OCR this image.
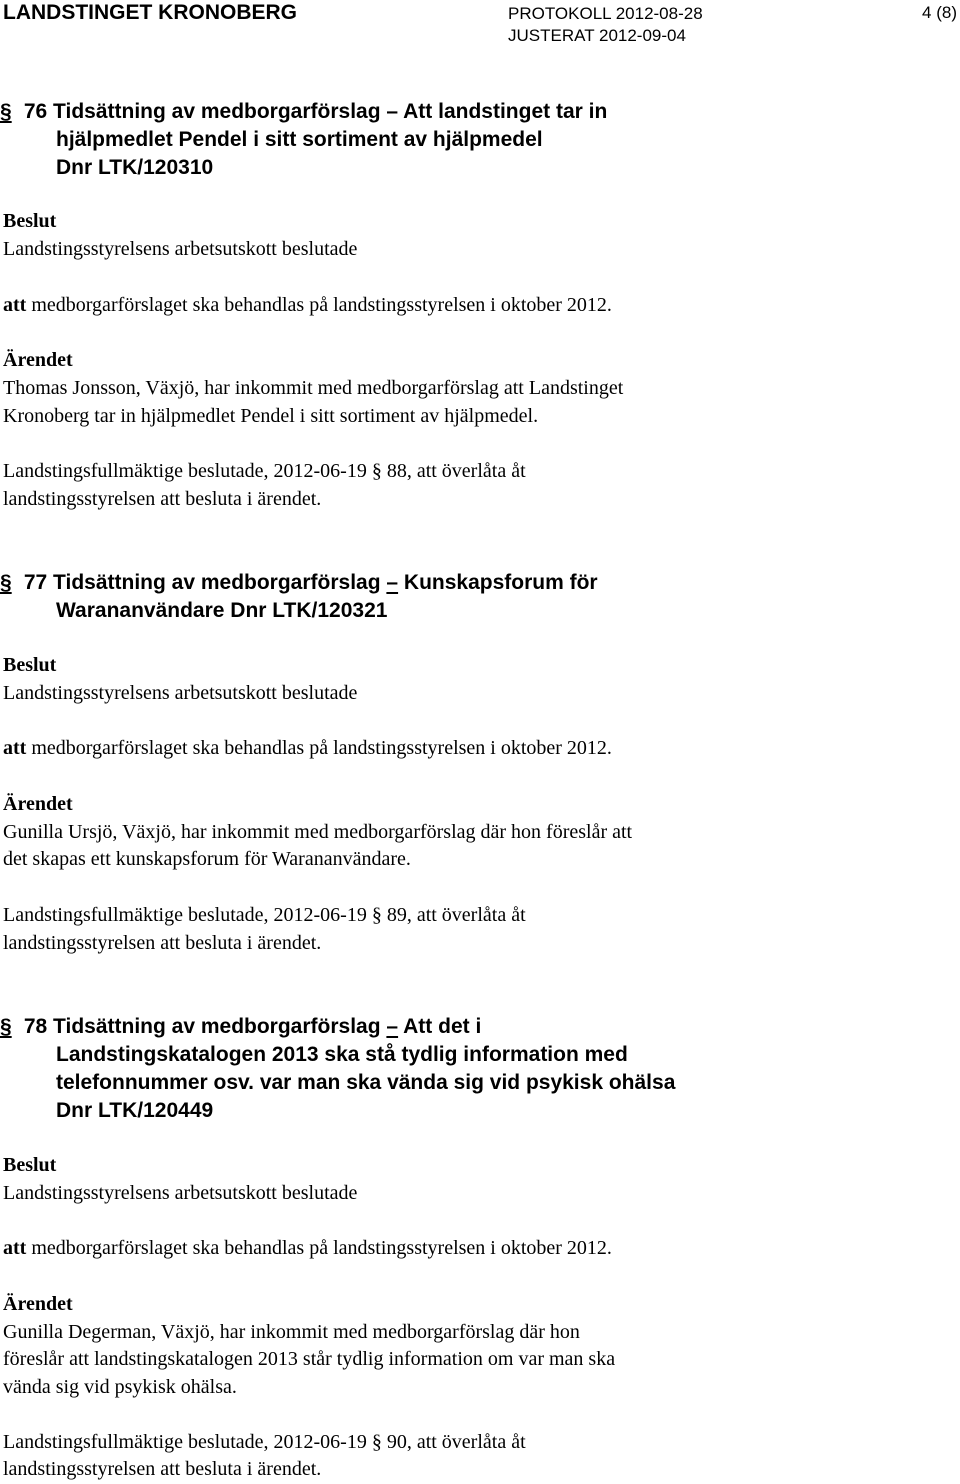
LANDSTINGET KRONOBERG	PROTOKOLL 2012-08-28
JUSTERAT 2012-09-04
4 (8)
§ 76 Tidsättning av medborgarförslag – Att landstinget tar in
hjälpmedlet Pendel i sitt sortiment av hjälpmedel
Dnr LTK/120310
Beslut
Landstingsstyrelsens arbetsutskott beslutade
att medborgarförslaget ska behandlas på landstingsstyrelsen i oktober 2012.
Ärendet
Thomas Jonsson, Växjö, har inkommit med medborgarförslag att Landstinget
Kronoberg tar in hjälpmedlet Pendel i sitt sortiment av hjälpmedel.
Landstingsfullmäktige beslutade, 2012-06-19 § 88, att överlåta åt
landstingsstyrelsen att besluta i ärendet.
§ 77 Tidsättning av medborgarförslag – Kunskapsforum för
Warananvändare Dnr LTK/120321
Beslut
Landstingsstyrelsens arbetsutskott beslutade
att medborgarförslaget ska behandlas på landstingsstyrelsen i oktober 2012.
Ärendet
Gunilla Ursjö, Växjö, har inkommit med medborgarförslag där hon föreslår att
det skapas ett kunskapsforum för Warananvändare.
Landstingsfullmäktige beslutade, 2012-06-19 § 89, att överlåta åt
landstingsstyrelsen att besluta i ärendet.
§ 78 Tidsättning av medborgarförslag – Att det i
Landstingskatalogen 2013 ska stå tydlig information med
telefonnummer osv. var man ska vända sig vid psykisk ohälsa
Dnr LTK/120449
Beslut
Landstingsstyrelsens arbetsutskott beslutade
att medborgarförslaget ska behandlas på landstingsstyrelsen i oktober 2012.
Ärendet
Gunilla Degerman, Växjö, har inkommit med medborgarförslag där hon
föreslår att landstingskatalogen 2013 står tydlig information om var man ska
vända sig vid psykisk ohälsa.
Landstingsfullmäktige beslutade, 2012-06-19 § 90, att överlåta åt
landstingsstyrelsen att besluta i ärendet.
